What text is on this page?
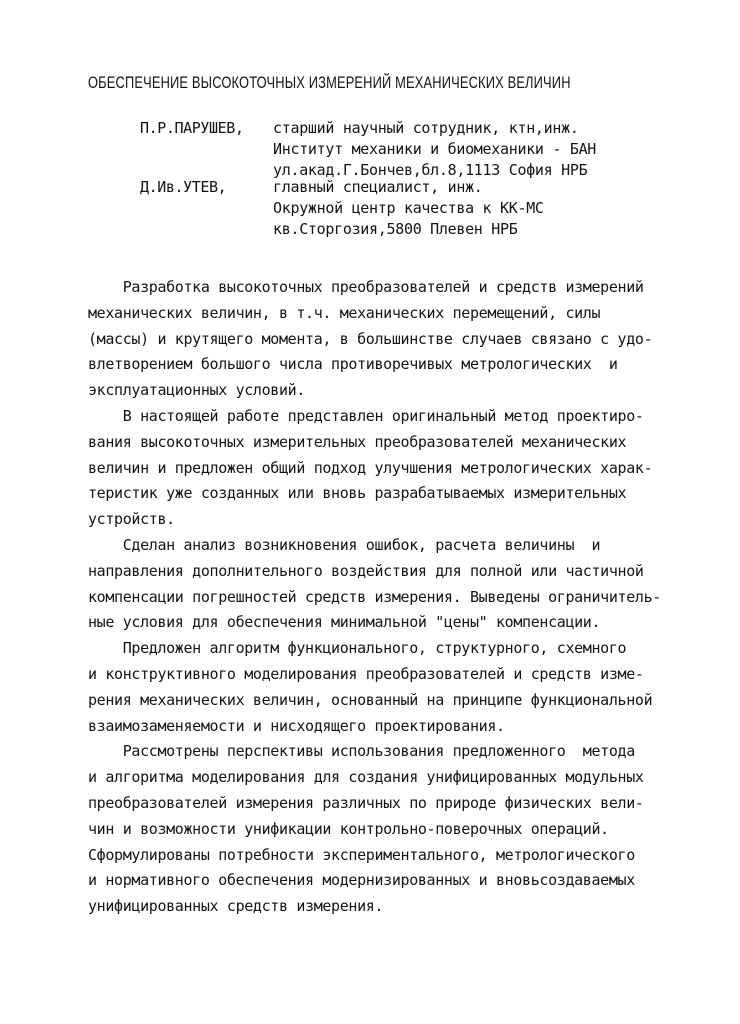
ОБЕСПЕЧЕНИЕ ВЫСОКОТОЧНЫХ ИЗМЕРЕНИЙ МЕХАНИЧЕСКИХ ВЕЛИЧИН
П.Р.ПАРУШЕВ, старший научный сотрудник, ктн,инж.
Институт механики и биомеханики - БАН
ул.акад.Г.Бончев,бл.8,1113 София НРБ
Д.Ив.УТЕВ,	главный специалист, инж.
Окружной центр качества к КК-МС
кв.Сторгозия,5800 Плевен НРБ
Разработка высокоточных преобразователей и средств измерений
механических величин, в т.ч. механических перемещений, силы
(массы) и крутящего момента, в большинстве случаев связано с удо-
влетворением большого числа противоречивых метрологических  и
эксплуатационных условий.
В настоящей работе представлен оригинальный метод проектиро-
вания высокоточных измерительных преобразователей механических
величин и предложен общий подход улучшения метрологических харак-
теристик уже созданных или вновь разрабатываемых измерительных
устройств.
Сделан анализ возникновения ошибок, расчета величины  и
направления дополнительного воздействия для полной или частичной
компенсации погрешностей средств измерения. Выведены ограничитель-
ные условия для обеспечения минимальной "цены" компенсации.
Предложен алгоритм функционального, структурного, схемного
и конструктивного моделирования преобразователей и средств изме-
рения механических величин, основанный на принципе функциональной
взаимозаменяемости и нисходящего проектирования.
Рассмотрены перспективы использования предложенного  метода
и алгоритма моделирования для создания унифицированных модульных
преобразователей измерения различных по природе физических вели-
чин и возможности унификации контрольно-поверочных операций.
Сформулированы потребности экспериментального, метрологического
и нормативного обеспечения модернизированных и вновьсоздаваемых
унифицированных средств измерения.
